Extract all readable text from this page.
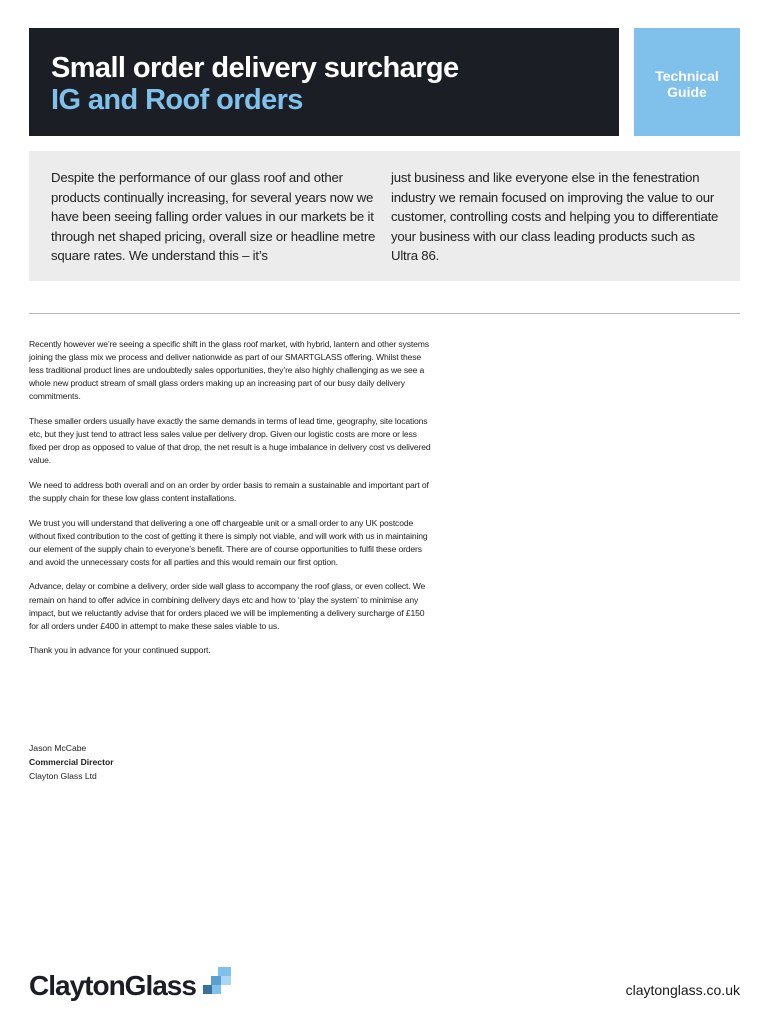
Small order delivery surcharge
IG and Roof orders
Technical
Guide
Despite the performance of our glass roof and other products continually increasing, for several years now we have been seeing falling order values in our markets be it through net shaped pricing, overall size or headline metre square rates. We understand this – it’s
just business and like everyone else in the fenestration industry we remain focused on improving the value to our customer, controlling costs and helping you to differentiate your business with our class leading products such as Ultra 86.

Recently however we’re seeing a specific shift in the glass roof market, with hybrid, lantern and other systems joining the glass mix we process and deliver nationwide as part of our SMARTGLASS offering. Whilst these less traditional product lines are undoubtedly sales opportunities, they’re also highly challenging as we see a whole new product stream of small glass orders making up an increasing part of our busy daily delivery commitments.

These smaller orders usually have exactly the same demands in terms of lead time, geography, site locations etc, but they just tend to attract less sales value per delivery drop. Given our logistic costs are more or less fixed per drop as opposed to value of that drop, the net result is a huge imbalance in delivery cost vs delivered value.

We need to address both overall and on an order by order basis to remain a sustainable and important part of the supply chain for these low glass content installations.

We trust you will understand that delivering a one off chargeable unit or a small order to any UK postcode without fixed contribution to the cost of getting it there is simply not viable, and will work with us in maintaining our element of the supply chain to everyone’s benefit. There are of course opportunities to fulfil these orders and avoid the unnecessary costs for all parties and this would remain our first option.

Advance, delay or combine a delivery, order side wall glass to accompany the roof glass, or even collect. We remain on hand to offer advice in combining delivery days etc and how to ‘play the system’ to minimise any impact, but we reluctantly advise that for orders placed we will be implementing a delivery surcharge of £150 for all orders under £400 in attempt to make these sales viable to us.

Thank you in advance for your continued support.

Jason McCabe
Commercial Director
Clayton Glass Ltd
ClaytonGlass	claytonglass.co.uk
